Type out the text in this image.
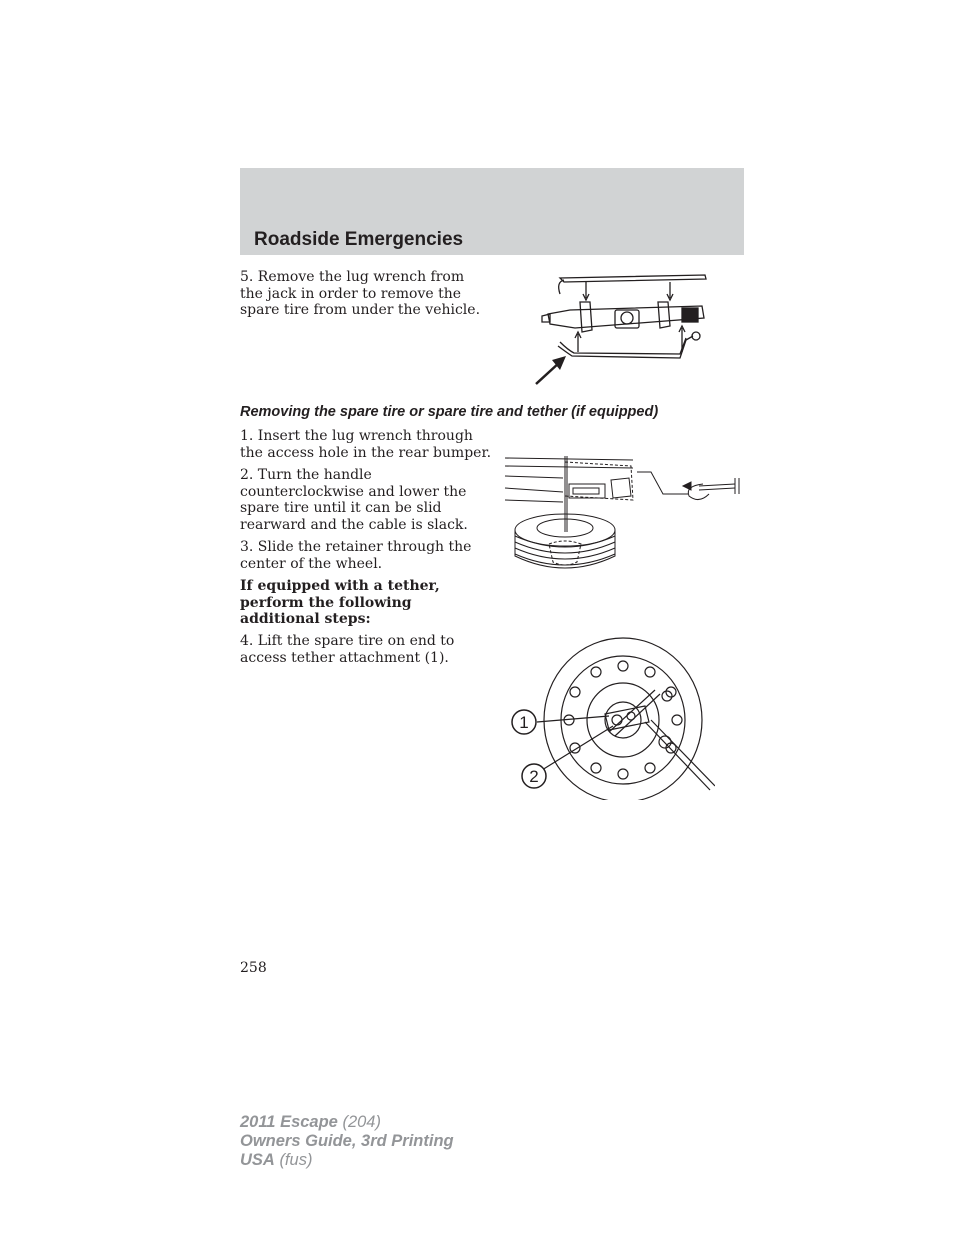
Roadside Emergencies

5. Remove the lug wrench from the jack in order to remove the spare tire from under the vehicle.

Removing the spare tire or spare tire and tether (if equipped)

1. Insert the lug wrench through the access hole in the rear bumper.

2. Turn the handle counterclockwise and lower the spare tire until it can be slid rearward and the cable is slack.

3. Slide the retainer through the center of the wheel.

If equipped with a tether, perform the following additional steps:

4. Lift the spare tire on end to access tether attachment (1).

1
2
258
2011 Escape (204)
Owners Guide, 3rd Printing
USA (fus)
